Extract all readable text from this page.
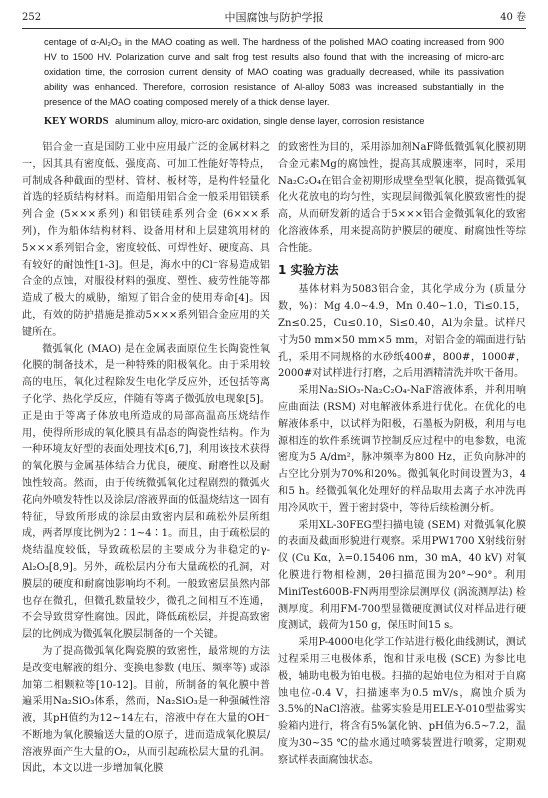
252	中国腐蚀与防护学报	40 卷

centage of α-Al₂O₃ in the MAO coating as well. The hardness of the polished MAO coating increased from 900 HV to 1500 HV. Polarization curve and salt frog test results also found that with the increasing of micro-arc oxidation time, the corrosion current density of MAO coating was gradually decreased, while its passivation ability was enhanced. Therefore, corrosion resistance of Al-alloy 5083 was increased substantially in the presence of the MAO coating composed merely of a thick dense layer.

KEY WORDS aluminum alloy, micro-arc oxidation, single dense layer, corrosion resistance

铝合金一直是国防工业中应用最广泛的金属材料之一，因其具有密度低、强度高、可加工性能好等特点，可制成各种截面的型材、管材、板材等，是构件轻量化首选的轻质结构材料。而造船用铝合金一般采用铝镁系列合金 (5×××系列) 和铝镁硅系列合金 (6×××系列)，作为船体结构材料、设备用材和上层建筑用材的5×××系列铝合金，密度较低、可焊性好、硬度高、具有较好的耐蚀性[1-3]。但是，海水中的Cl⁻容易造成铝合金的点蚀，对服役材料的强度、塑性、疲劳性能等都造成了极大的威胁，缩短了铝合金的使用寿命[4]。因此，有效的防护措施是推动5×××系列铝合金应用的关键所在。

微弧氧化 (MAO) 是在金属表面原位生长陶瓷性氧化膜的制备技术，是一种特殊的阳极氧化。由于采用较高的电压，氧化过程除发生电化学反应外，还包括等离子化学、热化学反应，伴随有等离子微弧放电现象[5]。正是由于等离子体放电所造成的局部高温高压烧结作用，使得所形成的氧化膜具有晶态的陶瓷性结构。作为一种环境友好型的表面处理技术[6,7]，利用该技术获得的氧化膜与金属基体结合力优良，硬度、耐磨性以及耐蚀性较高。然而，由于传统微弧氧化过程剧烈的微弧火花向外喷发特性以及涂层/溶液界面的低温烧结这一固有特征，导致所形成的涂层由致密内层和疏松外层所组成，两者厚度比例为2∶1~4∶1。而且，由于疏松层的烧结温度较低，导致疏松层的主要成分为非稳定的γ-Al₂O₃[8,9]。另外，疏松层内分布大量疏松的孔洞，对膜层的硬度和耐腐蚀影响均不利。一般致密层虽然内部也存在微孔，但微孔数量较少，微孔之间相互不连通，不会导致贯穿性腐蚀。因此，降低疏松层，并提高致密层的比例成为微弧氧化膜层制备的一个关键。

为了提高微弧氧化陶瓷膜的致密性，最常规的方法是改变电解液的组分、变换电参数 (电压、频率等) 或添加第二相颗粒等[10-12]。目前，所制备的氧化膜中普遍采用Na₂SiO₃体系，然而，Na₂SiO₃是一种强碱性溶液，其pH值约为12~14左右，溶液中存在大量的OH⁻不断地为氧化膜输送大量的O原子，进而造成氧化膜层/溶液界面产生大量的O₂，从而引起疏松层大量的孔洞。因此，本文以进一步增加氧化膜

的致密性为目的，采用添加剂NaF降低微弧氧化膜初期合金元素Mg的腐蚀性，提高其成膜速率，同时，采用Na₂C₂O₄在铝合金初期形成壁垒型氧化膜，提高微弧氧化火花放电的均匀性，实现层间微弧氧化膜致密性的提高，从而研发新的适合于5×××铝合金微弧氧化的致密化溶液体系，用来提高防护膜层的硬度、耐腐蚀性等综合性能。

1 实验方法

基体材料为5083铝合金，其化学成分为 (质量分数，%)：Mg 4.0~4.9，Mn 0.40~1.0，Ti≤0.15，Zn≤0.25，Cu≤0.10，Si≤0.40，Al为余量。试样尺寸为50 mm×50 mm×5 mm，对铝合金的端面进行钻孔，采用不同规格的水砂纸400#，800#，1000#，2000#对试样进行打磨，之后用酒精清洗并吹干备用。

采用Na₂SiO₃-Na₂C₂O₄-NaF溶液体系，并利用响应曲面法 (RSM) 对电解液体系进行优化。在优化的电解液体系中，以试样为阳极，石墨板为阴极，利用与电源相连的软件系统调节控制反应过程中的电参数，电流密度为5 A/dm²，脉冲频率为800 Hz，正负向脉冲的占空比分别为70%和20%。微弧氧化时间设置为3，4和5 h。经微弧氧化处理好的样品取用去离子水冲洗再用冷风吹干，置于密封袋中，等待后续检测分析。

采用XL-30FEG型扫描电镜 (SEM) 对微弧氧化膜的表面及截面形貌进行观察。采用PW1700 X射线衍射仪 (Cu Kα，λ=0.15406 nm，30 mA，40 kV) 对氧化膜进行物相检测，2θ扫描范围为20°~90°。利用MiniTest600B-FN两用型涂层测厚仪 (涡流测厚法) 检测厚度。利用FM-700型显微硬度测试仪对样品进行硬度测试，载荷为150 g，保压时间15 s。

采用P-4000电化学工作站进行极化曲线测试，测试过程采用三电极体系，饱和甘汞电极 (SCE) 为参比电极，辅助电极为铂电极。扫描的起始电位为相对于自腐蚀电位-0.4 V，扫描速率为0.5 mV/s，腐蚀介质为3.5%的NaCl溶液。盐雾实验是用ELE-Y-010型盐雾实验箱内进行，将含有5%氯化钠、pH值为6.5~7.2，温度为30~35 ℃的盐水通过喷雾装置进行喷雾，定期观察试样表面腐蚀状态。
